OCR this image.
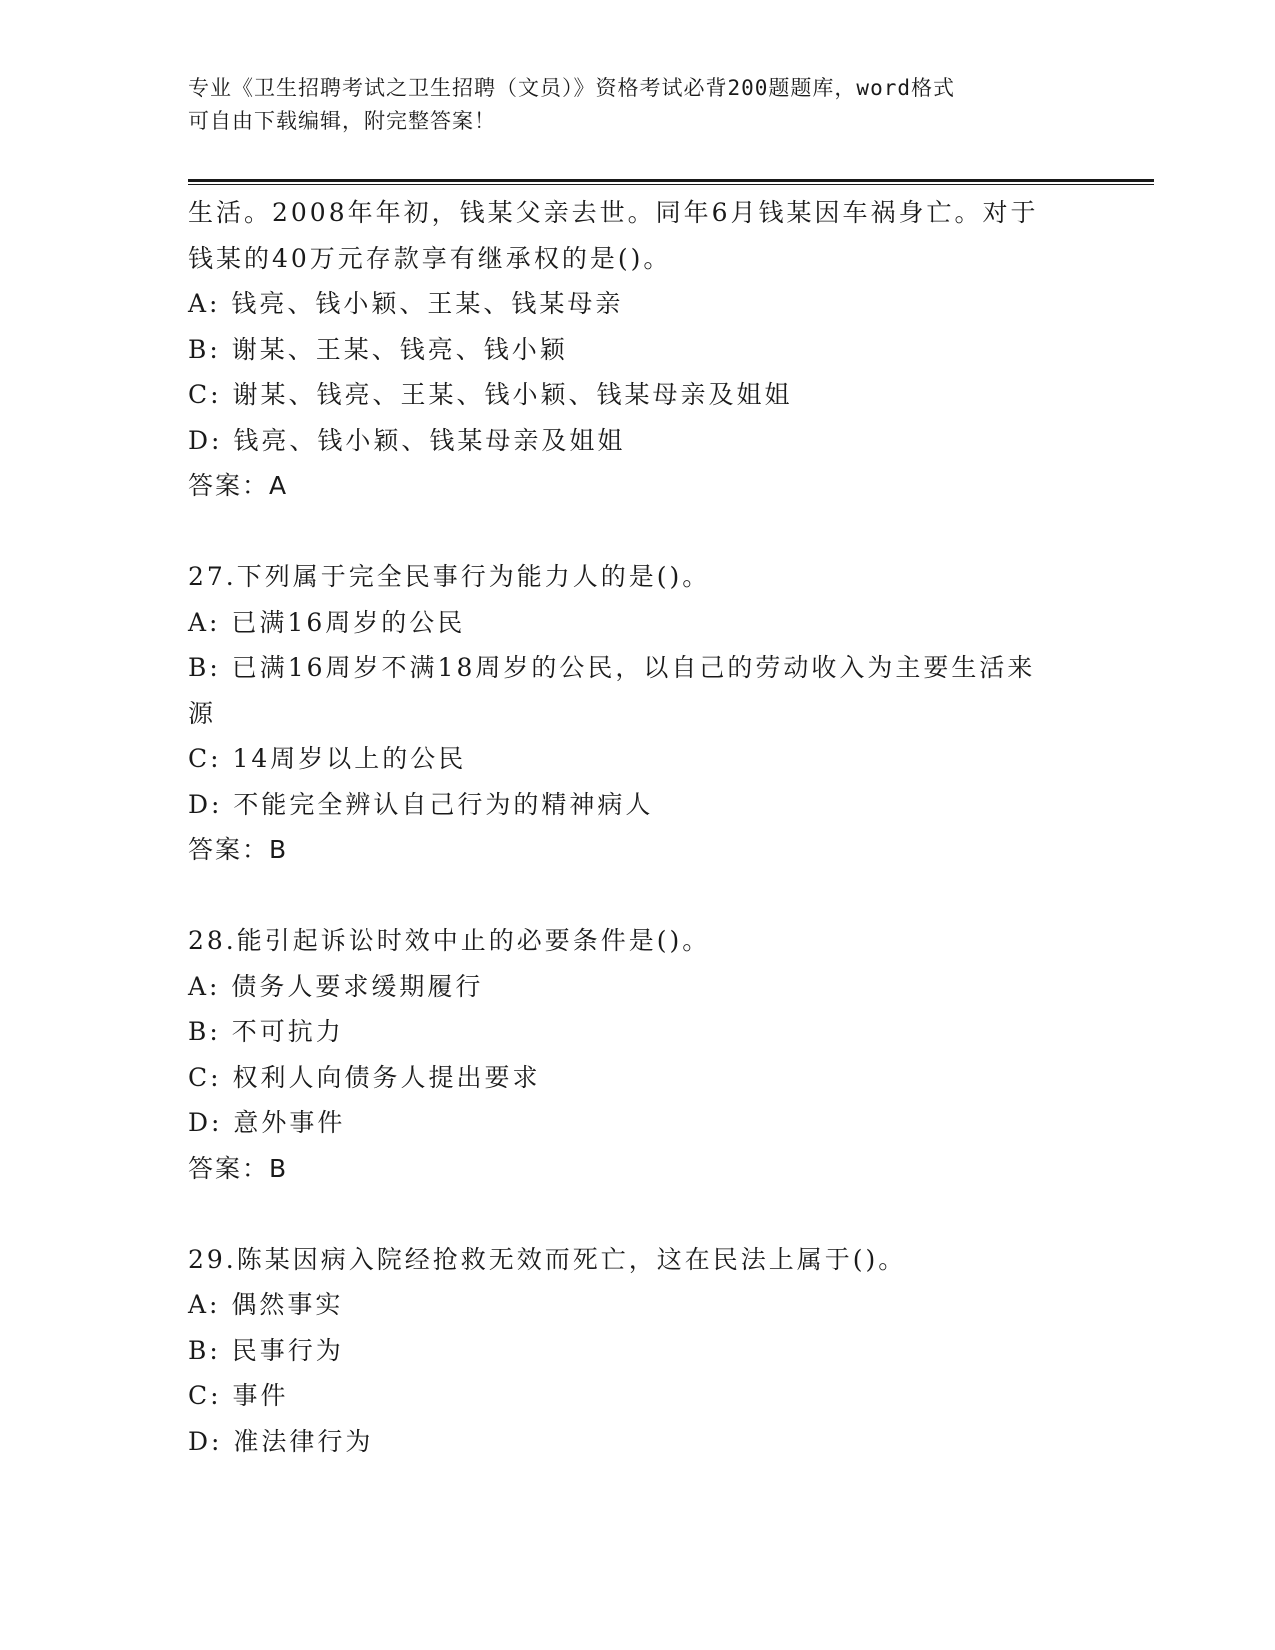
专业《卫生招聘考试之卫生招聘（文员）》资格考试必背200题题库，word格式
可自由下载编辑，附完整答案！
生活。2008年年初，钱某父亲去世。同年6月钱某因车祸身亡。对于
钱某的40万元存款享有继承权的是()。
A: 钱亮、钱小颖、王某、钱某母亲
B: 谢某、王某、钱亮、钱小颖
C: 谢某、钱亮、王某、钱小颖、钱某母亲及姐姐
D: 钱亮、钱小颖、钱某母亲及姐姐
答案：A
27.下列属于完全民事行为能力人的是()。
A: 已满16周岁的公民
B: 已满16周岁不满18周岁的公民，以自己的劳动收入为主要生活来
源
C: 14周岁以上的公民
D: 不能完全辨认自己行为的精神病人
答案：B
28.能引起诉讼时效中止的必要条件是()。
A: 债务人要求缓期履行
B: 不可抗力
C: 权利人向债务人提出要求
D: 意外事件
答案：B
29.陈某因病入院经抢救无效而死亡，这在民法上属于()。
A: 偶然事实
B: 民事行为
C: 事件
D: 准法律行为
